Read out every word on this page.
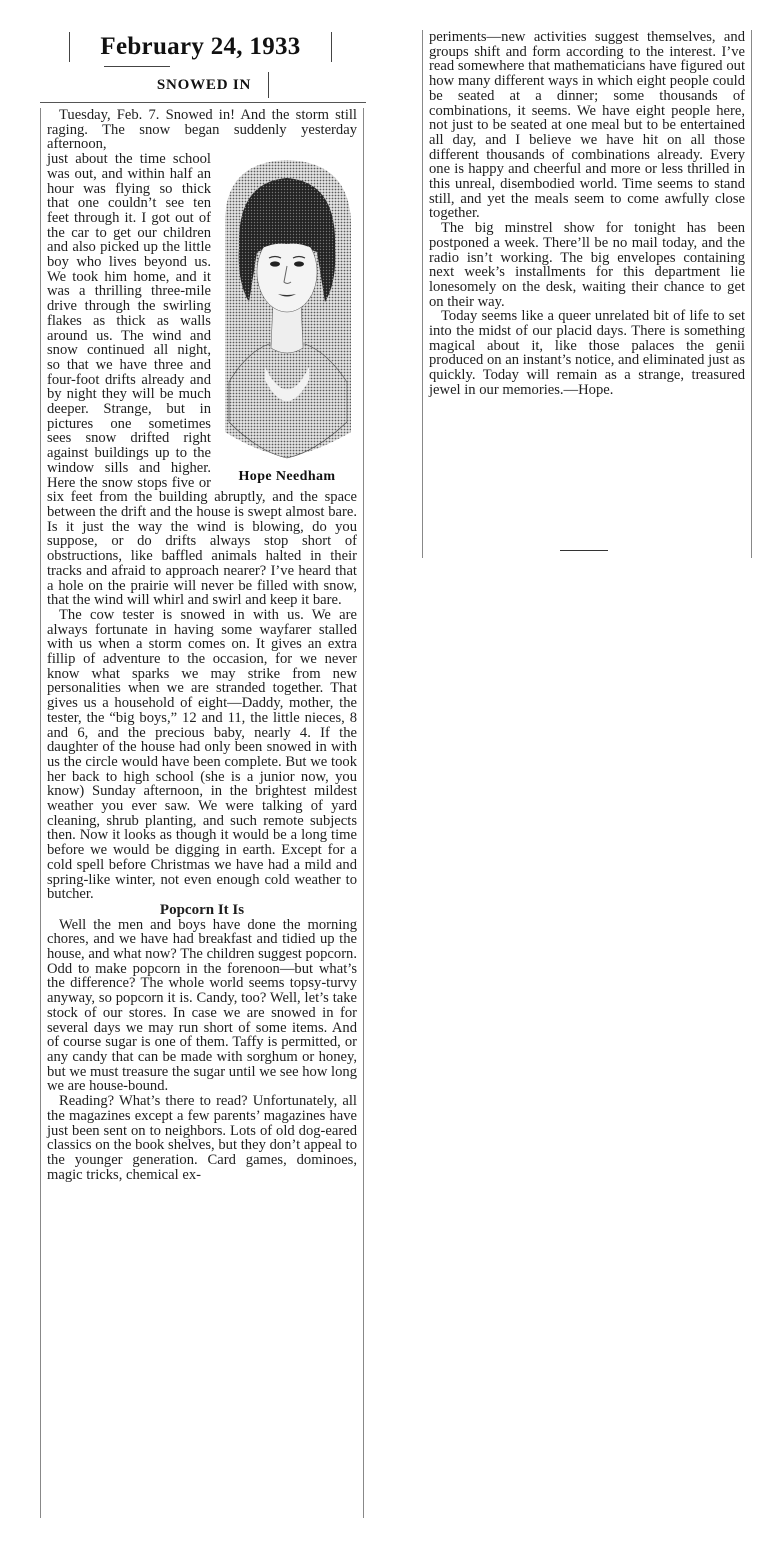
February 24, 1933
SNOWED IN

Tuesday, Feb. 7. Snowed in! And the storm still raging. The snow began suddenly yesterday afternoon,

Hope Needham

just about the time school was out, and within half an hour was flying so thick that one couldn’t see ten feet through it. I got out of the car to get our children and also picked up the little boy who lives beyond us. We took him home, and it was a thrilling three-mile drive through the swirling flakes as thick as walls around us. The wind and snow continued all night, so that we have three and four-foot drifts already and by night they will be much deeper. Strange, but in pictures one sometimes sees snow drifted right against buildings up to the window sills and higher. Here the snow stops five or six feet from the building abruptly, and the space between the drift and the house is swept almost bare. Is it just the way the wind is blowing, do you suppose, or do drifts always stop short of obstructions, like baffled animals halted in their tracks and afraid to approach nearer? I’ve heard that a hole on the prairie will never be filled with snow, that the wind will whirl and swirl and keep it bare.

The cow tester is snowed in with us. We are always fortunate in having some wayfarer stalled with us when a storm comes on. It gives an extra fillip of adventure to the occasion, for we never know what sparks we may strike from new personalities when we are stranded together. That gives us a household of eight—Daddy, mother, the tester, the “big boys,” 12 and 11, the little nieces, 8 and 6, and the precious baby, nearly 4. If the daughter of the house had only been snowed in with us the circle would have been complete. But we took her back to high school (she is a junior now, you know) Sunday afternoon, in the brightest mildest weather you ever saw. We were talking of yard cleaning, shrub planting, and such remote subjects then. Now it looks as though it would be a long time before we would be digging in earth. Except for a cold spell before Christmas we have had a mild and spring-like winter, not even enough cold weather to butcher.

Popcorn It Is

Well the men and boys have done the morning chores, and we have had breakfast and tidied up the house, and what now? The children suggest popcorn. Odd to make popcorn in the forenoon—but what’s the difference? The whole world seems topsy-turvy anyway, so popcorn it is. Candy, too? Well, let’s take stock of our stores. In case we are snowed in for several days we may run short of some items. And of course sugar is one of them. Taffy is permitted, or any candy that can be made with sorghum or honey, but we must treasure the sugar until we see how long we are house-bound.

Reading? What’s there to read? Unfortunately, all the magazines except a few parents’ magazines have just been sent on to neighbors. Lots of old dog-eared classics on the book shelves, but they don’t appeal to the younger generation. Card games, dominoes, magic tricks, chemical ex-

periments—new activities suggest themselves, and groups shift and form according to the interest. I’ve read somewhere that mathematicians have figured out how many different ways in which eight people could be seated at a dinner; some thousands of combinations, it seems. We have eight people here, not just to be seated at one meal but to be entertained all day, and I believe we have hit on all those different thousands of combinations already. Every one is happy and cheerful and more or less thrilled in this unreal, disembodied world. Time seems to stand still, and yet the meals seem to come awfully close together.

The big minstrel show for tonight has been postponed a week. There’ll be no mail today, and the radio isn’t working. The big envelopes containing next week’s installments for this department lie lonesomely on the desk, waiting their chance to get on their way.

Today seems like a queer unrelated bit of life to set into the midst of our placid days. There is something magical about it, like those palaces the genii produced on an instant’s notice, and eliminated just as quickly. Today will remain as a strange, treasured jewel in our memories.—Hope.
